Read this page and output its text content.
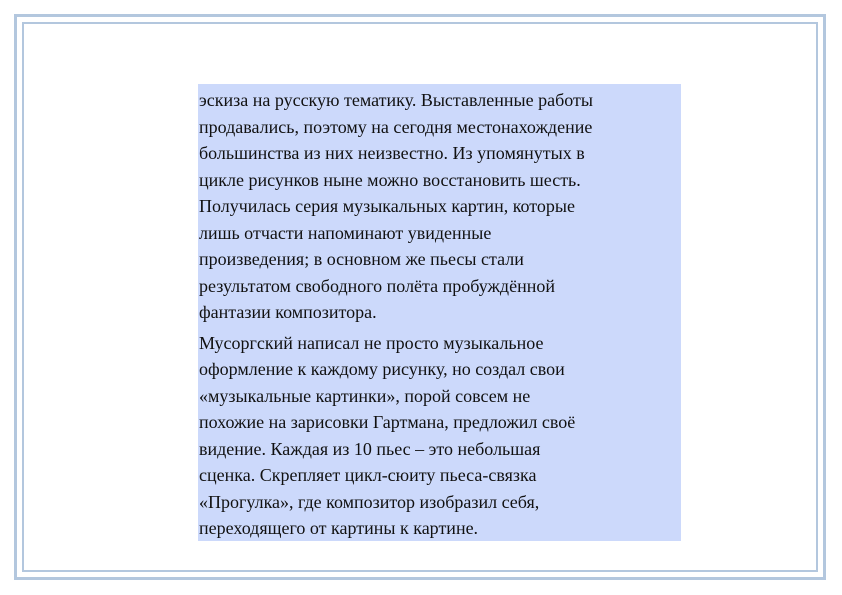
эскиза на русскую тематику. Выставленные работы
продавались, поэтому на сегодня местонахождение
большинства из них неизвестно. Из упомянутых в
цикле рисунков ныне можно восстановить шесть.
Получилась серия музыкальных картин, которые
лишь отчасти напоминают увиденные
произведения; в основном же пьесы стали
результатом свободного полёта пробуждённой
фантазии композитора.

Мусоргский написал не просто музыкальное
оформление к каждому рисунку, но создал свои
«музыкальные картинки», порой совсем не
похожие на зарисовки Гартмана, предложил своё
видение. Каждая из 10 пьес – это небольшая
сценка. Скрепляет цикл-сюиту пьеса-связка
«Прогулка», где композитор изобразил себя,
переходящего от картины к картине.
